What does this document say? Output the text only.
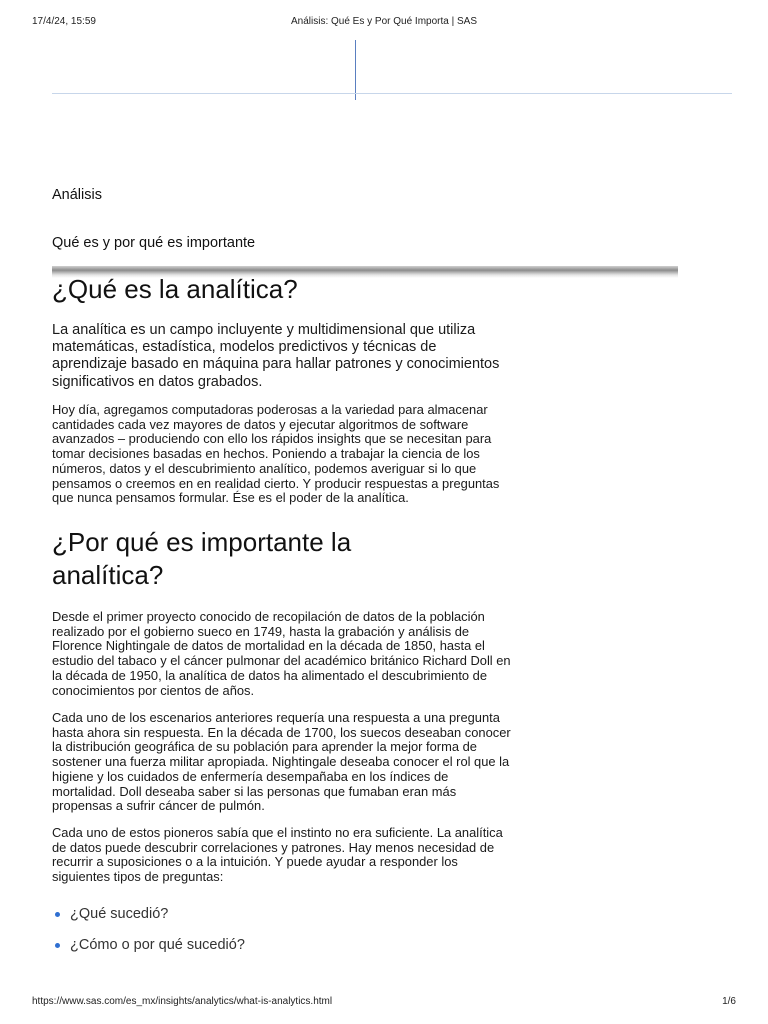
17/4/24, 15:59	Análisis: Qué Es y Por Qué Importa | SAS
Análisis
Qué es y por qué es importante
¿Qué es la analítica?

La analítica es un campo incluyente y multidimensional que utiliza matemáticas, estadística, modelos predictivos y técnicas de aprendizaje basado en máquina para hallar patrones y conocimientos significativos en datos grabados.

Hoy día, agregamos computadoras poderosas a la variedad para almacenar cantidades cada vez mayores de datos y ejecutar algoritmos de software avanzados – produciendo con ello los rápidos insights que se necesitan para tomar decisiones basadas en hechos. Poniendo a trabajar la ciencia de los números, datos y el descubrimiento analítico, podemos averiguar si lo que pensamos o creemos en en realidad cierto. Y producir respuestas a preguntas que nunca pensamos formular. Ése es el poder de la analítica.

¿Por qué es importante la analítica?

Desde el primer proyecto conocido de recopilación de datos de la población realizado por el gobierno sueco en 1749, hasta la grabación y análisis de Florence Nightingale de datos de mortalidad en la década de 1850, hasta el estudio del tabaco y el cáncer pulmonar del académico británico Richard Doll en la década de 1950, la analítica de datos ha alimentado el descubrimiento de conocimientos por cientos de años.

Cada uno de los escenarios anteriores requería una respuesta a una pregunta hasta ahora sin respuesta. En la década de 1700, los suecos deseaban conocer la distribución geográfica de su población para aprender la mejor forma de sostener una fuerza militar apropiada. Nightingale deseaba conocer el rol que la higiene y los cuidados de enfermería desempañaba en los índices de mortalidad. Doll deseaba saber si las personas que fumaban eran más propensas a sufrir cáncer de pulmón.

Cada uno de estos pioneros sabía que el instinto no era suficiente. La analítica de datos puede descubrir correlaciones y patrones. Hay menos necesidad de recurrir a suposiciones o a la intuición. Y puede ayudar a responder los siguientes tipos de preguntas:

¿Qué sucedió?
¿Cómo o por qué sucedió?
https://www.sas.com/es_mx/insights/analytics/what-is-analytics.html	1/6
